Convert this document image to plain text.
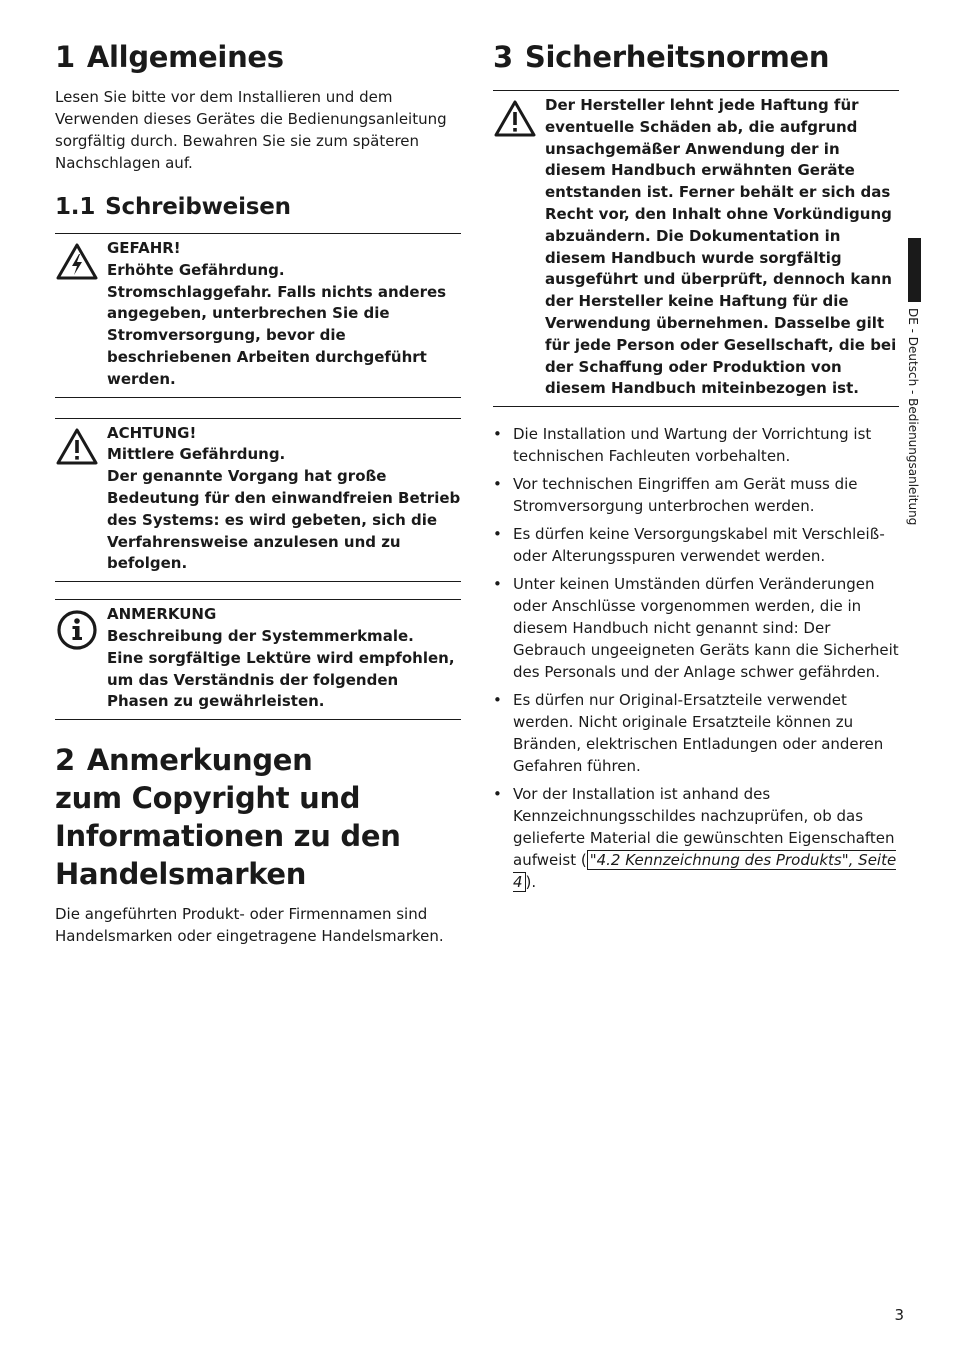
1 Allgemeines

Lesen Sie bitte vor dem Installieren und dem Verwenden dieses Gerätes die Bedienungsanleitung sorgfältig durch. Bewahren Sie sie zum späteren Nachschlagen auf.

1.1 Schreibweisen
GEFAHR!
Erhöhte Gefährdung.
Stromschlaggefahr. Falls nichts anderes angegeben, unterbrechen Sie die Stromversorgung, bevor die beschriebenen Arbeiten durchgeführt werden.
ACHTUNG!
Mittlere Gefährdung.
Der genannte Vorgang hat große Bedeutung für den einwandfreien Betrieb des Systems: es wird gebeten, sich die Verfahrensweise anzulesen und zu befolgen.
ANMERKUNG
Beschreibung der Systemmerkmale.
Eine sorgfältige Lektüre wird empfohlen, um das Verständnis der folgenden Phasen zu gewährleisten.
2 Anmerkungen
zum Copyright und
Informationen zu den
Handelsmarken

Die angeführten Produkt- oder Firmennamen sind Handelsmarken oder eingetragene Handelsmarken.

3 Sicherheitsnormen
Der Hersteller lehnt jede Haftung für eventuelle Schäden ab, die aufgrund unsachgemäßer Anwendung der in diesem Handbuch erwähnten Geräte entstanden ist. Ferner behält er sich das Recht vor, den Inhalt ohne Vorkündigung abzuändern. Die Dokumentation in diesem Handbuch wurde sorgfältig ausgeführt und überprüft, dennoch kann der Hersteller keine Haftung für die Verwendung übernehmen. Dasselbe gilt für jede Person oder Gesellschaft, die bei der Schaffung oder Produktion von diesem Handbuch miteinbezogen ist.
• Die Installation und Wartung der Vorrichtung ist technischen Fachleuten vorbehalten.
• Vor technischen Eingriffen am Gerät muss die Stromversorgung unterbrochen werden.
• Es dürfen keine Versorgungskabel mit Verschleiß- oder Alterungsspuren verwendet werden.
• Unter keinen Umständen dürfen Veränderungen oder Anschlüsse vorgenommen werden, die in diesem Handbuch nicht genannt sind: Der Gebrauch ungeeigneten Geräts kann die Sicherheit des Personals und der Anlage schwer gefährden.
• Es dürfen nur Original-Ersatzteile verwendet werden. Nicht originale Ersatzteile können zu Bränden, elektrischen Entladungen oder anderen Gefahren führen.
• Vor der Installation ist anhand des Kennzeichnungsschildes nachzuprüfen, ob das gelieferte Material die gewünschten Eigenschaften aufweist ( "4.2 Kennzeichnung des Produkts", Seite 4 ).
DE - Deutsch - Bedienungsanleitung
3
